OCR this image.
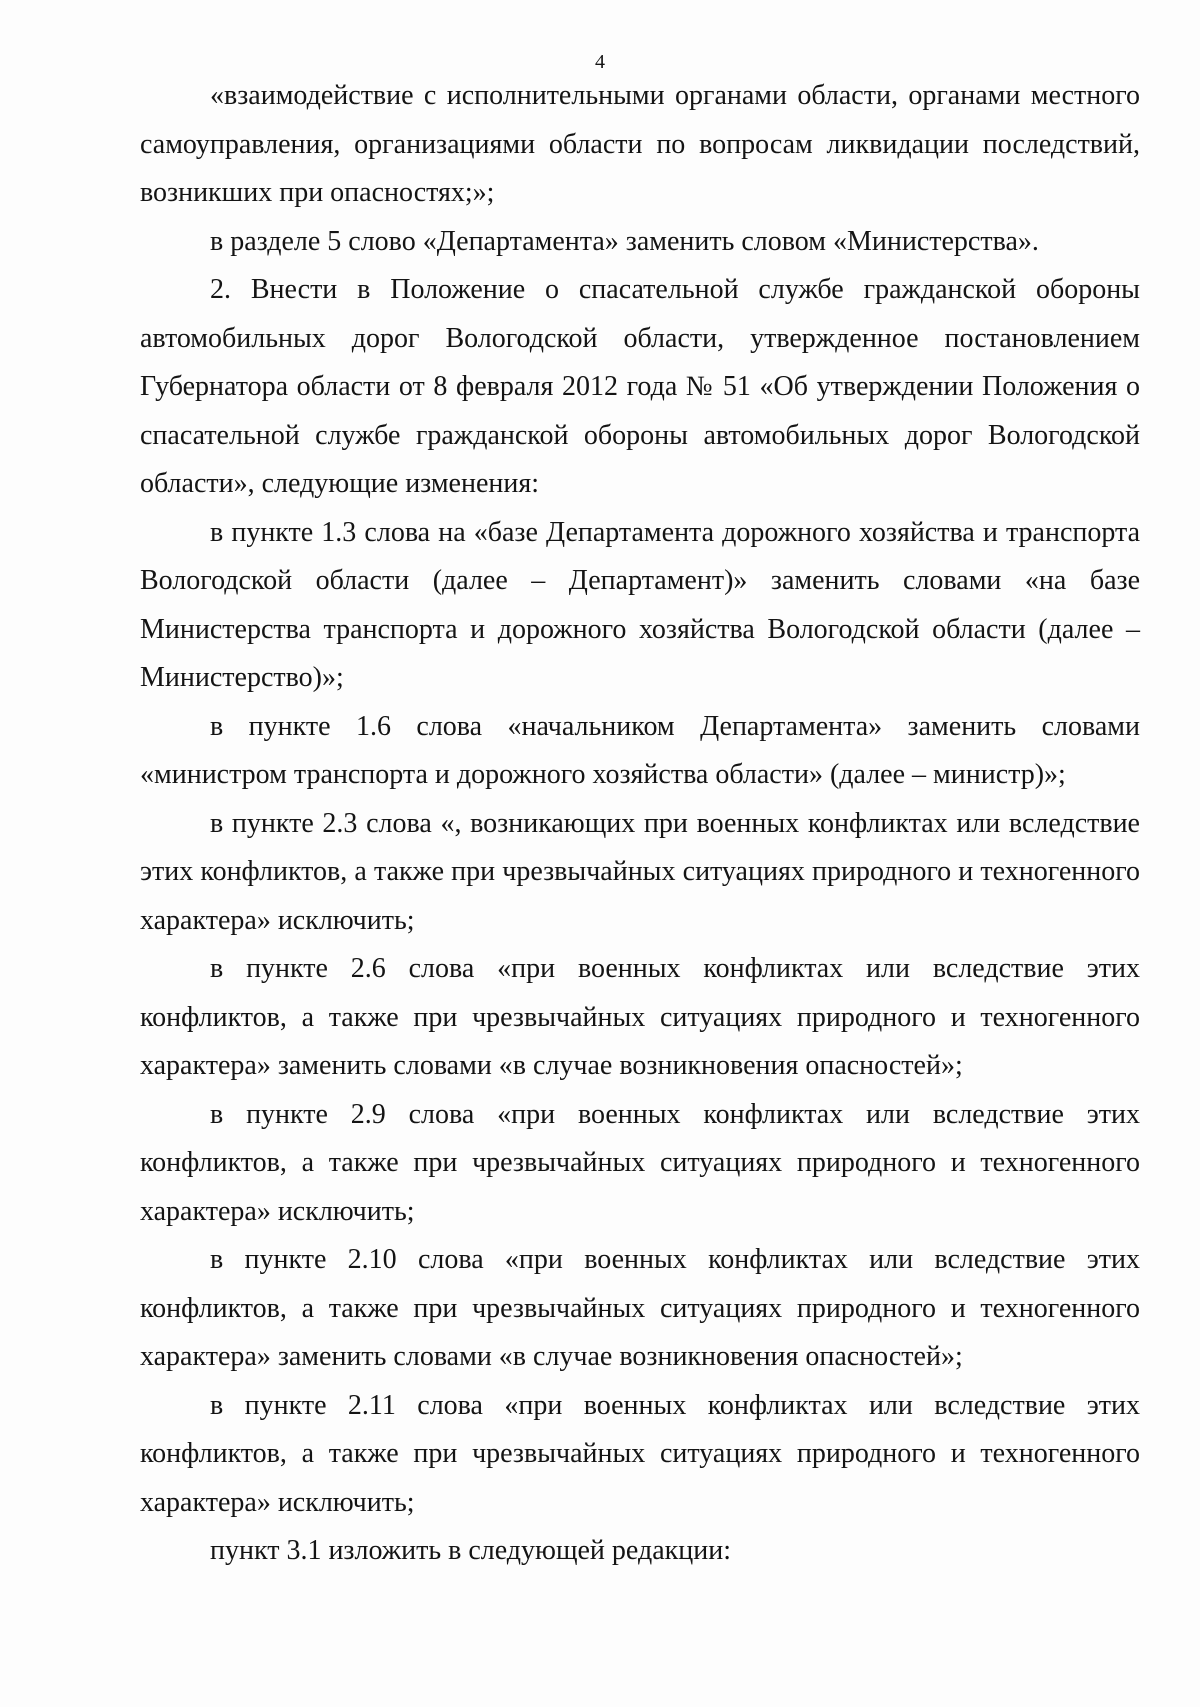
4

«взаимодействие с исполнительными органами области, органами местного самоуправления, организациями области по вопросам ликвидации последствий, возникших при опасностях;»;

в разделе 5 слово «Департамента» заменить словом «Министерства».

2. Внести в Положение о спасательной службе гражданской обороны автомобильных дорог Вологодской области, утвержденное постановлением Губернатора области от 8 февраля 2012 года № 51 «Об утверждении Положения о спасательной службе гражданской обороны автомобильных дорог Вологодской области», следующие изменения:

в пункте 1.3 слова на «базе Департамента дорожного хозяйства и транспорта Вологодской области (далее – Департамент)» заменить словами «на базе Министерства транспорта и дорожного хозяйства Вологодской области (далее – Министерство)»;

в пункте 1.6 слова «начальником Департамента» заменить словами «министром транспорта и дорожного хозяйства области» (далее – министр)»;

в пункте 2.3 слова «, возникающих при военных конфликтах или вследствие этих конфликтов, а также при чрезвычайных ситуациях природного и техногенного характера» исключить;

в пункте 2.6 слова «при военных конфликтах или вследствие этих конфликтов, а также при чрезвычайных ситуациях природного и техногенного характера» заменить словами «в случае возникновения опасностей»;

в пункте 2.9 слова «при военных конфликтах или вследствие этих конфликтов, а также при чрезвычайных ситуациях природного и техногенного характера» исключить;

в пункте 2.10 слова «при военных конфликтах или вследствие этих конфликтов, а также при чрезвычайных ситуациях природного и техногенного характера» заменить словами «в случае возникновения опасностей»;

в пункте 2.11 слова «при военных конфликтах или вследствие этих конфликтов, а также при чрезвычайных ситуациях природного и техногенного характера» исключить;

пункт 3.1 изложить в следующей редакции:
